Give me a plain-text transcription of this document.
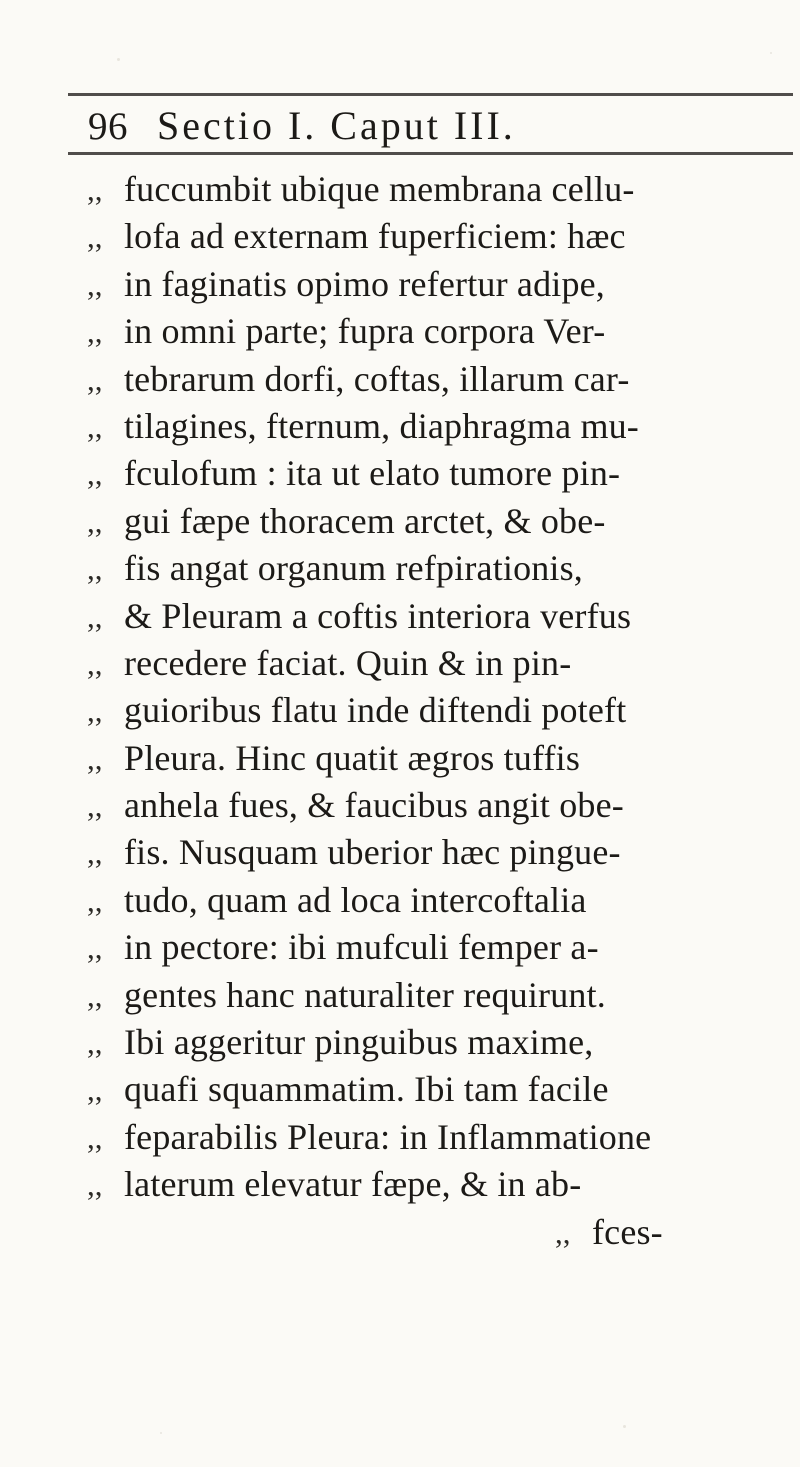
96 Sectio I. Caput III.
,, fuccumbit ubique membrana cellu-
,, lofa ad externam fuperficiem: hæc
,, in faginatis opimo refertur adipe,
,, in omni parte; fupra corpora Ver-
,, tebrarum dorfi, coftas, illarum car-
,, tilagines, fternum, diaphragma mu-
,, fculofum : ita ut elato tumore pin-
,, gui fæpe thoracem arctet, & obe-
,, fis angat organum refpirationis,
,, & Pleuram a coftis interiora verfus
,, recedere faciat. Quin & in pin-
,, guioribus flatu inde diftendi poteft
,, Pleura. Hinc quatit ægros tuffis
,, anhela fues, & faucibus angit obe-
,, fis. Nusquam uberior hæc pingue-
,, tudo, quam ad loca intercoftalia
,, in pectore: ibi mufculi femper a-
,, gentes hanc naturaliter requirunt.
,, Ibi aggeritur pinguibus maxime,
,, quafi squammatim. Ibi tam facile
,, feparabilis Pleura: in Inflammatione
,, laterum elevatur fæpe, & in ab-
,, fces-
